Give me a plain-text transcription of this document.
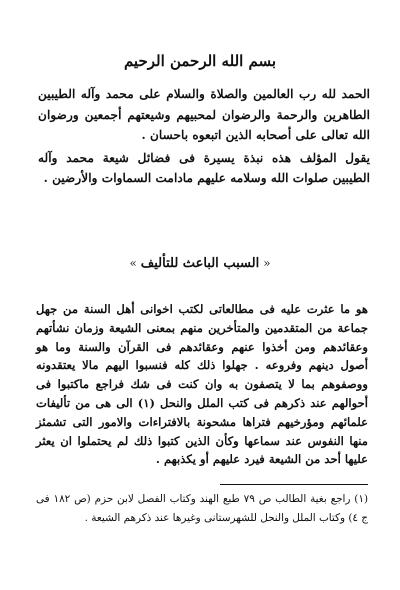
بسم الله الرحمن الرحيم

الحمد لله رب العالمين والصلاة والسلام على محمد وآله الطيبين الطاهرين والرحمة والرضوان لمحبيهم وشيعتهم أجمعين ورضوان الله تعالى على أصحابه الذين اتبعوه باحسان .

يقول المؤلف هذه نبذة يسيرة فى فضائل شيعة محمد وآله الطيبين صلوات الله وسلامه عليهم مادامت السماوات والأرضين .

«السبب الباعث للتأليف»

هو ما عثرت عليه فى مطالعاتى لكتب اخوانى أهل السنة من جهل جماعة من المتقدمين والمتأخرين منهم بمعنى الشيعة وزمان نشأتهم وعقائدهم ومن أخذوا عنهم وعقائدهم فى القرآن والسنة وما هو أصول دينهم وفروعه . جهلوا ذلك كله فنسبوا اليهم مالا يعتقدونه ووصفوهم بما لا يتصفون به وان كنت فى شك فراجع ماكتبوا فى أحوالهم عند ذكرهم فى كتب الملل والنحل (١) الى هى من تأليفات علمائهم ومؤرخيهم فتراها مشحونة بالافتراءات والامور التى تشمئز منها النفوس عند سماعها وكأن الذين كتبوا ذلك لم يحتملوا ان يعثر عليها أحد من الشيعة فيرد عليهم أو يكذبهم .

(١) راجع بغية الطالب ص ٧٩ طبع الهند وكتاب الفصل لابن حزم (ص ١٨٢ فى ج ٤) وكتاب الملل والنحل للشهرستانى وغيرها عند ذكرهم الشيعة .
